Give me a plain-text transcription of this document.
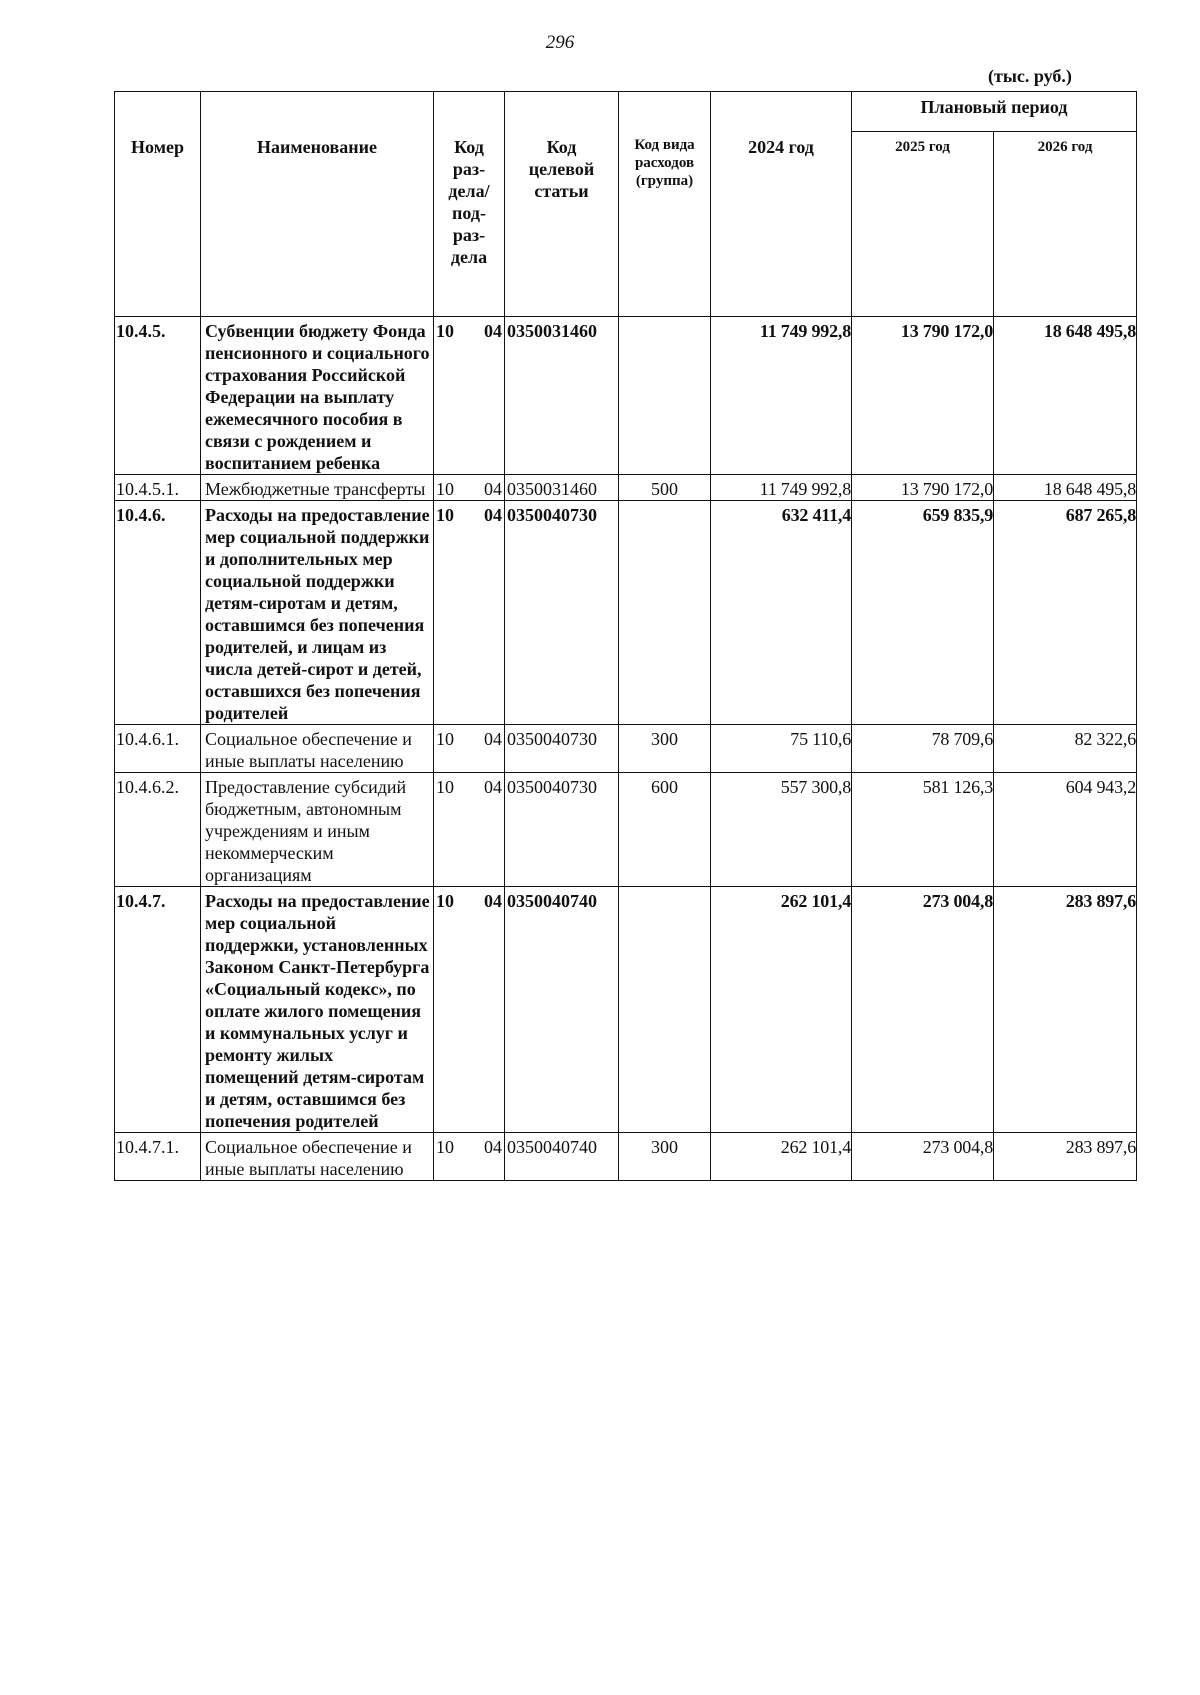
296
(тыс. руб.)
Номер	Наименование	Код раз-дела/ под-раз-дела	Код целевой статьи	Код вида расходов (группа)	2024 год	Плановый период	
						2025 год	2026 год
10.4.5.	Субвенции бюджету Фонда пенсионного и социального страхования Российской Федерации на выплату ежемесячного пособия в связи с рождением и воспитанием ребенка	10 04	0350031460		11 749 992,8	13 790 172,0	18 648 495,8
10.4.5.1.	Межбюджетные трансферты	10 04	0350031460	500	11 749 992,8	13 790 172,0	18 648 495,8
10.4.6.	Расходы на предоставление мер социальной поддержки и дополнительных мер социальной поддержки детям-сиротам и детям, оставшимся без попечения родителей, и лицам из числа детей-сирот и детей, оставшихся без попечения родителей	10 04	0350040730		632 411,4	659 835,9	687 265,8
10.4.6.1.	Социальное обеспечение и иные выплаты населению	10 04	0350040730	300	75 110,6	78 709,6	82 322,6
10.4.6.2.	Предоставление субсидий бюджетным, автономным учреждениям и иным некоммерческим организациям	10 04	0350040730	600	557 300,8	581 126,3	604 943,2
10.4.7.	Расходы на предоставление мер социальной поддержки, установленных Законом Санкт-Петербурга «Социальный кодекс», по оплате жилого помещения и коммунальных услуг и ремонту жилых помещений детям-сиротам и детям, оставшимся без попечения родителей	10 04	0350040740		262 101,4	273 004,8	283 897,6
10.4.7.1.	Социальное обеспечение и иные выплаты населению	10 04	0350040740	300	262 101,4	273 004,8	283 897,6
